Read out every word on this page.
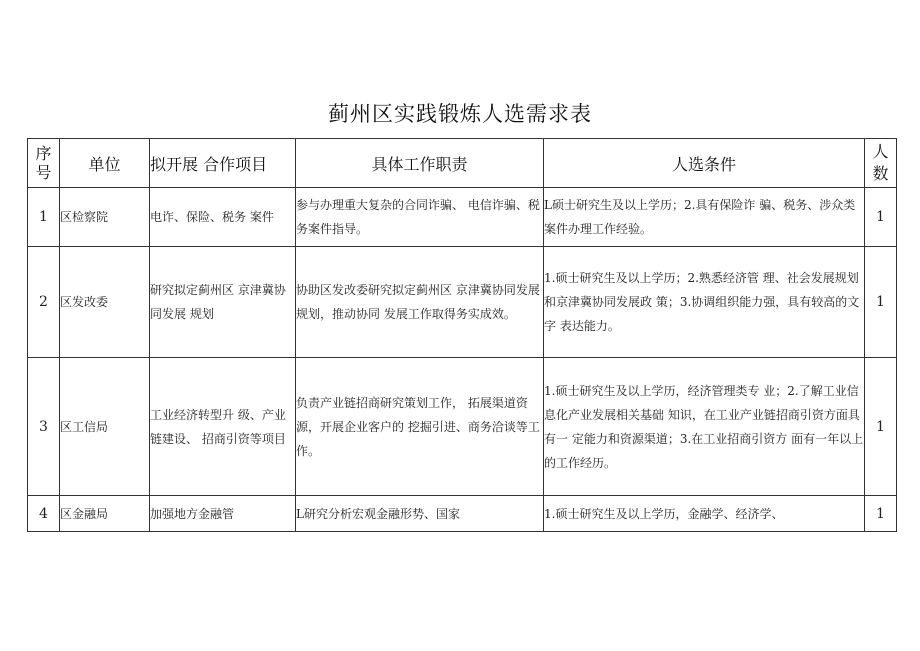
蓟州区实践锻炼人选需求表
序号	单位	拟开展 合作项目	具体工作职责	人选条件	人数
1	区检察院	电诈、保险、税务 案件	参与办理重大复杂的合同诈骗、 电信诈骗、税务案件指导。	L硕士研究生及以上学历；2.具有保险诈 骗、税务、涉众类案件办理工作经验。	1
2	区发改委	研究拟定蓟州区 京津冀协同发展 规划	协助区发改委研究拟定蓟州区 京津冀协同发展规划，推动协同 发展工作取得务实成效。	1.硕士研究生及以上学历；2.熟悉经济管 理、社会发展规划和京津冀协同发展政 策；3.协调组织能力强，具有较高的文字 表达能力。	1
3	区工信局	工业经济转型升 级、产业链建设、 招商引资等项目	负责产业链招商研究策划工作， 拓展渠道资源，开展企业客户的 挖掘引进、商务洽谈等工作。	1.硕士研究生及以上学历，经济管理类专 业；2.了解工业信息化产业发展相关基础 知识，在工业产业链招商引资方面具有一 定能力和资源渠道；3.在工业招商引资方 面有一年以上的工作经历。	1
4	区金融局	加强地方金融管	L研究分析宏观金融形势、国家	1.硕士研究生及以上学历，金融学、经济学、	1
